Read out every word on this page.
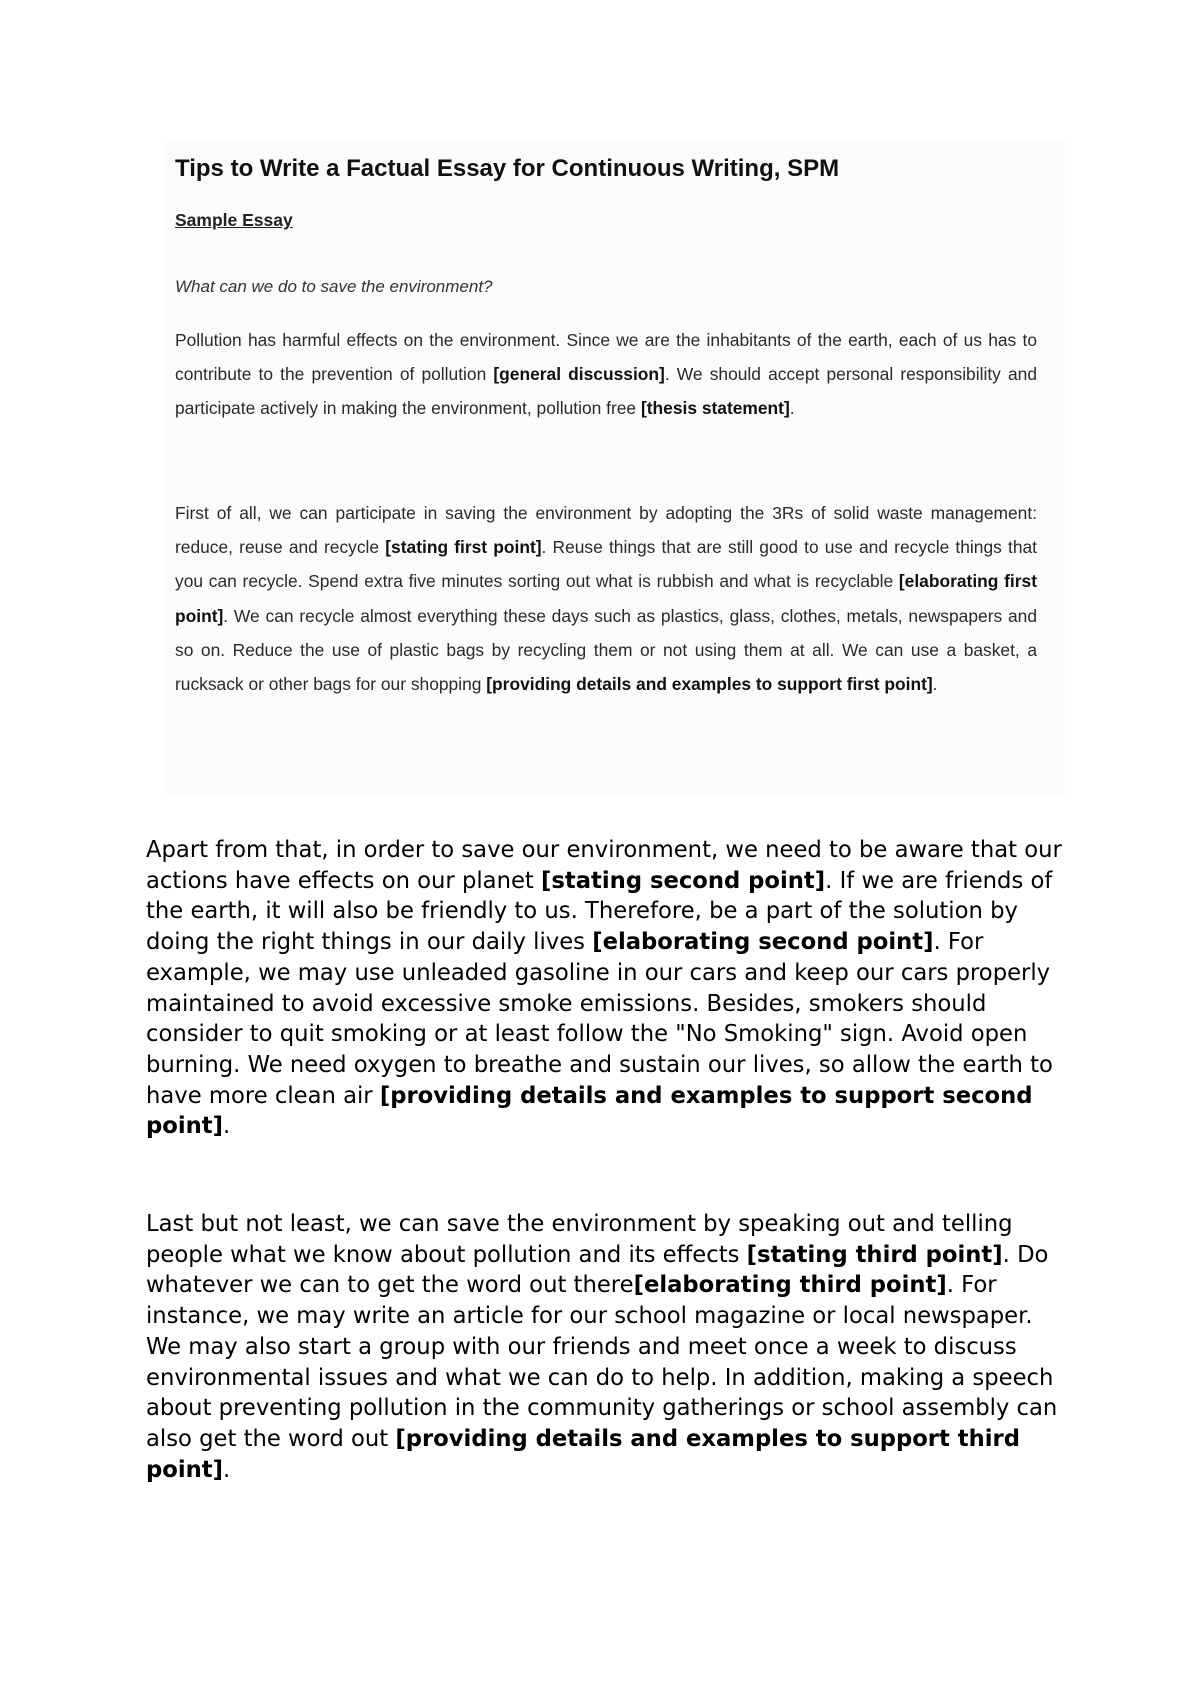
Tips to Write a Factual Essay for Continuous Writing, SPM
Sample Essay
What can we do to save the environment?
Pollution has harmful effects on the environment. Since we are the inhabitants of the earth, each of us has to contribute to the prevention of pollution [general discussion]. We should accept personal responsibility and participate actively in making the environment, pollution free [thesis statement].
First of all, we can participate in saving the environment by adopting the 3Rs of solid waste management: reduce, reuse and recycle [stating first point]. Reuse things that are still good to use and recycle things that you can recycle. Spend extra five minutes sorting out what is rubbish and what is recyclable [elaborating first point]. We can recycle almost everything these days such as plastics, glass, clothes, metals, newspapers and so on. Reduce the use of plastic bags by recycling them or not using them at all. We can use a basket, a rucksack or other bags for our shopping [providing details and examples to support first point].
Apart from that, in order to save our environment, we need to be aware that our actions have effects on our planet [stating second point]. If we are friends of the earth, it will also be friendly to us. Therefore, be a part of the solution by doing the right things in our daily lives [elaborating second point]. For example, we may use unleaded gasoline in our cars and keep our cars properly maintained to avoid excessive smoke emissions. Besides, smokers should consider to quit smoking or at least follow the "No Smoking" sign. Avoid open burning. We need oxygen to breathe and sustain our lives, so allow the earth to have more clean air [providing details and examples to support second point].
Last but not least, we can save the environment by speaking out and telling people what we know about pollution and its effects [stating third point]. Do whatever we can to get the word out there[elaborating third point]. For instance, we may write an article for our school magazine or local newspaper. We may also start a group with our friends and meet once a week to discuss environmental issues and what we can do to help. In addition, making a speech about preventing pollution in the community gatherings or school assembly can also get the word out [providing details and examples to support third point].
